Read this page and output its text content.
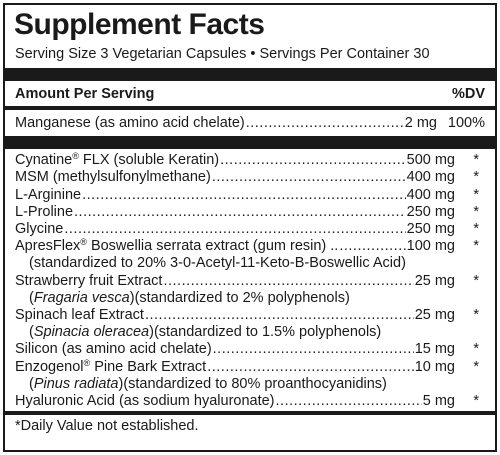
Supplement Facts
Serving Size 3 Vegetarian Capsules • Servings Per Container 30
Amount Per Serving	%DV
Manganese (as amino acid chelate) .....	2 mg 100%
Cynatine® FLX (soluble Keratin) .....	500 mg	*
MSM (methylsulfonylmethane) .....	400 mg	*
L-Arginine .....	400 mg	*
L-Proline .....	250 mg	*
Glycine .....	250 mg	*
ApresFlex® Boswellia serrata extract (gum resin) .. .....	100 mg	*
(standardized to 20% 3-0-Acetyl-11-Keto-B-Boswellic Acid)
Strawberry fruit Extract .....	25 mg	*
(Fragaria vesca)(standardized to 2% polyphenols)
Spinach leaf Extract .....	25 mg	*
(Spinacia oleracea)(standardized to 1.5% polyphenols)
Silicon (as amino acid chelate) .....	15 mg	*
Enzogenol® Pine Bark Extract .....	10 mg	*
(Pinus radiata)(standardized to 80% proanthocyanidins)
Hyaluronic Acid (as sodium hyaluronate) .....	5 mg	*
*Daily Value not established.
